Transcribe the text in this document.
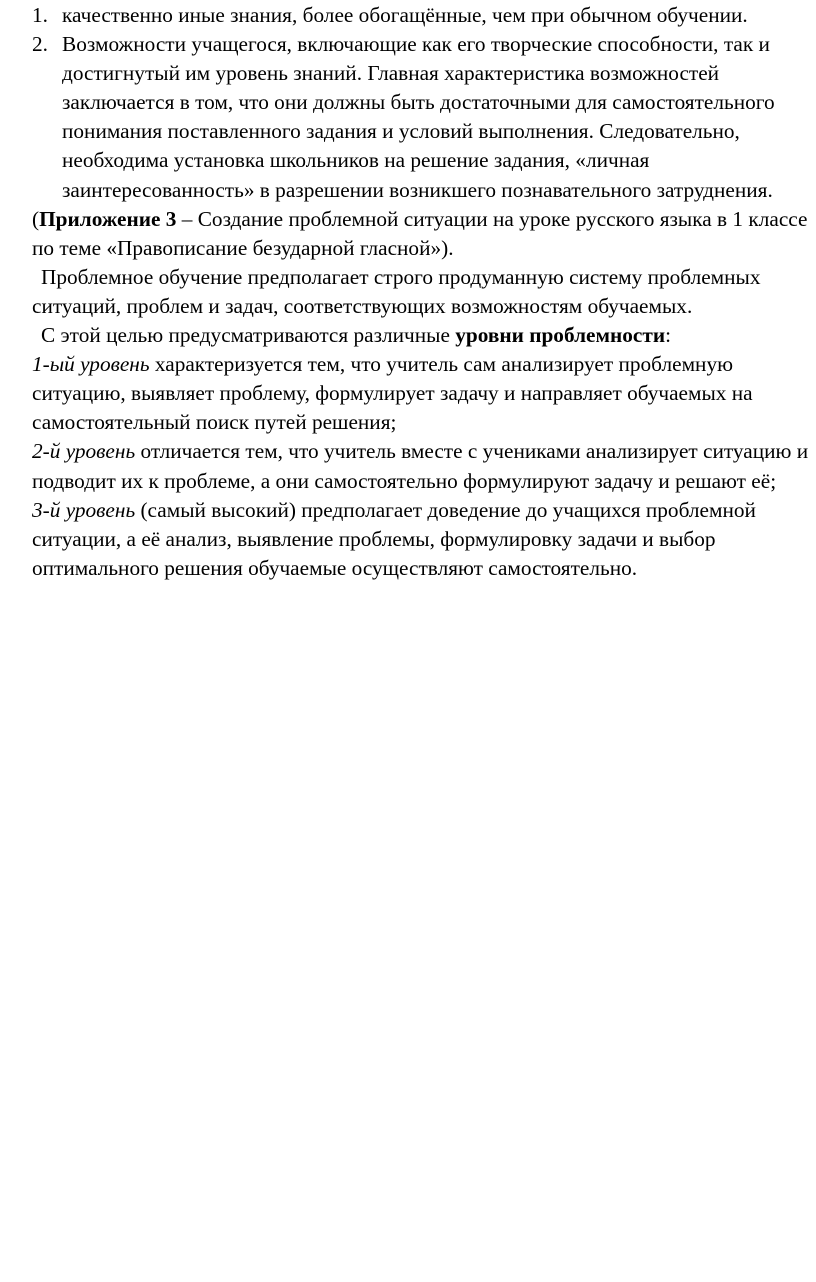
1. качественно иные знания, более обогащённые, чем при обычном обучении.
2. Возможности учащегося, включающие как его творческие способности, так и достигнутый им уровень знаний. Главная характеристика возможностей заключается в том, что они должны быть достаточными для самостоятельного понимания поставленного задания и условий выполнения. Следовательно, необходима установка школьников на решение задания, «личная заинтересованность» в разрешении возникшего познавательного затруднения.

(Приложение 3 – Создание проблемной ситуации на уроке русского языка в 1 классе по теме «Правописание безударной гласной»).

Проблемное обучение предполагает строго продуманную систему проблемных ситуаций, проблем и задач, соответствующих возможностям обучаемых.

С этой целью предусматриваются различные уровни проблемности:

1-ый уровень характеризуется тем, что учитель сам анализирует проблемную ситуацию, выявляет проблему, формулирует задачу и направляет обучаемых на самостоятельный поиск путей решения;

2-й уровень отличается тем, что учитель вместе с учениками анализирует ситуацию и подводит их к проблеме, а они самостоятельно формулируют задачу и решают её;

3-й уровень (самый высокий) предполагает доведение до учащихся проблемной ситуации, а её анализ, выявление проблемы, формулировку задачи и выбор оптимального решения обучаемые осуществляют самостоятельно.
